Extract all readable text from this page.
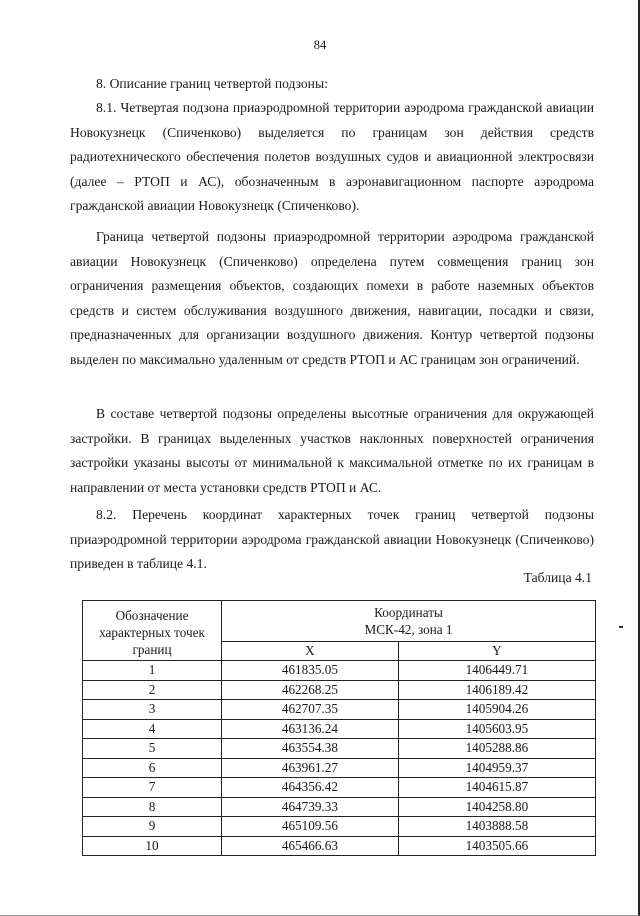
84
8. Описание границ четвертой подзоны:

8.1. Четвертая подзона приаэродромной территории аэродрома гражданской авиации Новокузнецк (Спиченково) выделяется по границам зон действия средств радиотехнического обеспечения полетов воздушных судов и авиационной электросвязи (далее – РТОП и АС), обозначенным в аэронавигационном паспорте аэродрома гражданской авиации Новокузнецк (Спиченково).

Граница четвертой подзоны приаэродромной территории аэродрома гражданской авиации Новокузнецк (Спиченково) определена путем совмещения границ зон ограничения размещения объектов, создающих помехи в работе наземных объектов средств и систем обслуживания воздушного движения, навигации, посадки и связи, предназначенных для организации воздушного движения. Контур четвертой подзоны выделен по максимально удаленным от средств РТОП и АС границам зон ограничений.

В составе четвертой подзоны определены высотные ограничения для окружающей застройки. В границах выделенных участков наклонных поверхностей ограничения застройки указаны высоты от минимальной к максимальной отметке по их границам в направлении от места установки средств РТОП и АС.

8.2. Перечень координат характерных точек границ четвертой подзоны приаэродромной территории аэродрома гражданской авиации Новокузнецк (Спиченково) приведен в таблице 4.1.

Таблица 4.1
Обозначение характерных точек границ	Координаты
МСК-42, зона 1	

	X	Y
1	461835.05	1406449.71
2	462268.25	1406189.42
3	462707.35	1405904.26
4	463136.24	1405603.95
5	463554.38	1405288.86
6	463961.27	1404959.37
7	464356.42	1404615.87
8	464739.33	1404258.80
9	465109.56	1403888.58
10	465466.63	1403505.66
